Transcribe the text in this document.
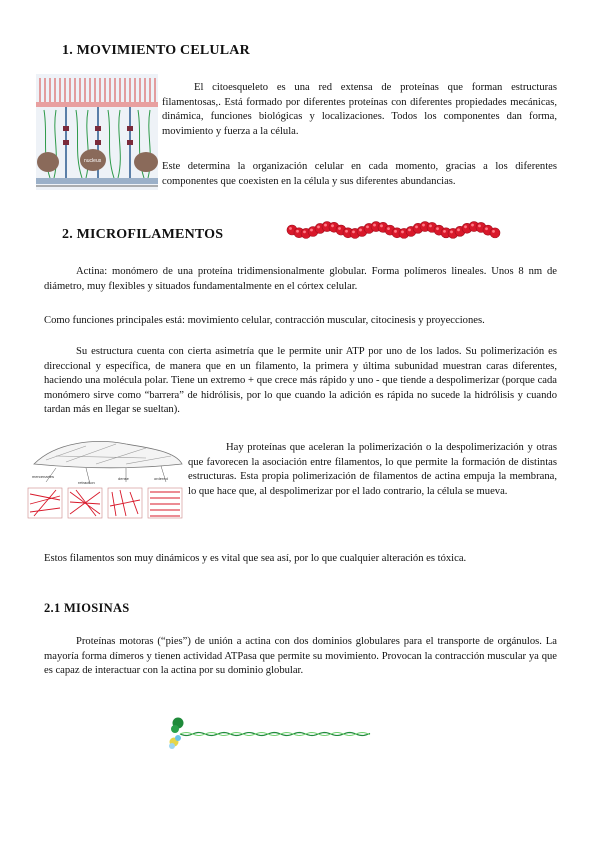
1. MOVIMIENTO CELULAR
nucleus

El citoesqueleto es una red extensa de proteínas que forman estructuras filamentosas,. Está formado por diferentes proteínas con diferentes propiedades mecánicas, dinámica, funciones biológicas y localizaciones. Todos los componentes dan forma, movimiento y fuerza a la célula.

Este determina la organización celular en cada momento, gracias a los diferentes componentes que coexisten en la célula y sus diferentes abundancias.

2. MICROFILAMENTOS

Actina: monómero de una proteína tridimensionalmente globular. Forma polímeros lineales. Unos 8 nm de diámetro, muy flexibles y situados fundamentalmente en el córtex celular.

Como funciones principales está: movimiento celular, contracción muscular, citocinesis y proyecciones.

Su estructura cuenta con cierta asimetría que le permite unir ATP por uno de los lados. Su polimerización es direccional y específica, de manera que en un filamento, la primera y última subunidad muestran caras diferentes, haciendo una molécula polar. Tiene un extremo + que crece más rápido y uno - que tiende a despolimerizar (porque cada monómero sirve como “barrera” de hidrólisis, por lo que cuando la adición es rápida no sucede la hidrólisis y cuando tardan más en llegar se sueltan).

mercenaries
retraction
dense	ordered

Hay proteínas que aceleran la polimerización o la despolimerización y otras que favorecen la asociación entre filamentos, lo que permite la formación de distintas estructuras. Esta propia polimerización de filamentos de actina empuja la membrana, lo que hace que, al despolimerizar por el lado contrario, la célula se mueva.

Estos filamentos son muy dinámicos y es vital que sea así, por lo que cualquier alteración es tóxica.

2.1 MIOSINAS

Proteínas motoras (“pies”) de unión a actina con dos dominios globulares para el transporte de orgánulos. La mayoría forma dímeros y tienen actividad ATPasa que permite su movimiento. Provocan la contracción muscular ya que es capaz de interactuar con la actina por su dominio globular.
